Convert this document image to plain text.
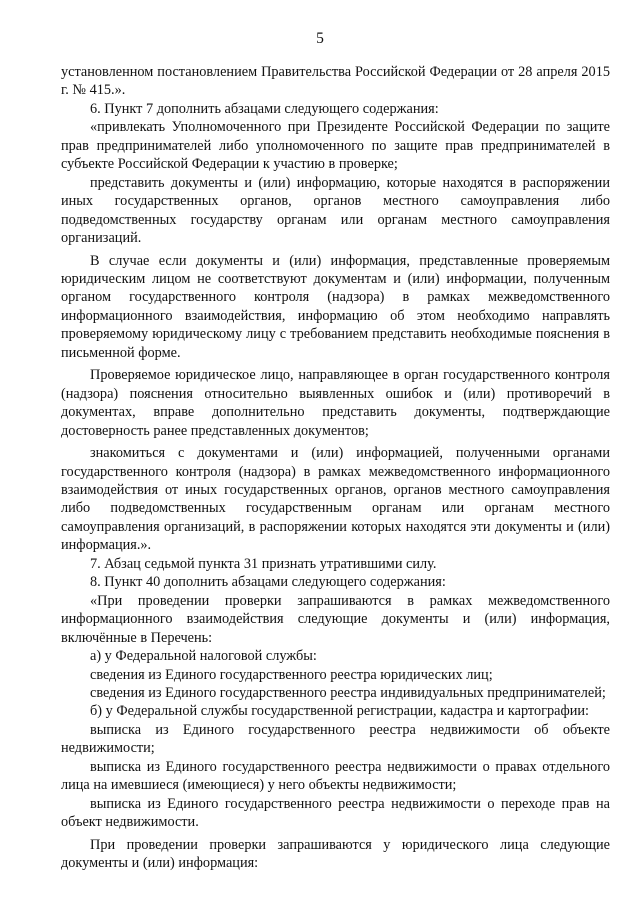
5

установленном постановлением Правительства Российской Федерации от 28 апреля 2015 г. № 415.».

6. Пункт 7 дополнить абзацами следующего содержания:

«привлекать Уполномоченного при Президенте Российской Федерации по защите прав предпринимателей либо уполномоченного по защите прав предпринимателей в субъекте Российской Федерации к участию в проверке;

представить документы и (или) информацию, которые находятся в распоряжении иных государственных органов, органов местного самоуправления либо подведомственных государству органам или органам местного самоуправления организаций.

В случае если документы и (или) информация, представленные проверяемым юридическим лицом не соответствуют документам и (или) информации, полученным органом государственного контроля (надзора) в рамках межведомственного информационного взаимодействия, информацию об этом необходимо направлять проверяемому юридическому лицу с требованием представить необходимые пояснения в письменной форме.

Проверяемое юридическое лицо, направляющее в орган государственного контроля (надзора) пояснения относительно выявленных ошибок и (или) противоречий в документах, вправе дополнительно представить документы, подтверждающие достоверность ранее представленных документов;

знакомиться с документами и (или) информацией, полученными органами государственного контроля (надзора) в рамках межведомственного информационного взаимодействия от иных государственных органов, органов местного самоуправления либо подведомственных государственным органам или органам местного самоуправления организаций, в распоряжении которых находятся эти документы и (или) информация.».

7. Абзац седьмой пункта 31 признать утратившими силу.

8. Пункт 40 дополнить абзацами следующего содержания:

«При проведении проверки запрашиваются в рамках межведомственного информационного взаимодействия следующие документы и (или) информация, включённые в Перечень:

а) у Федеральной налоговой службы:

сведения из Единого государственного реестра юридических лиц;

сведения из Единого государственного реестра индивидуальных предпринимателей;

б) у Федеральной службы государственной регистрации, кадастра и картографии:

выписка из Единого государственного реестра недвижимости об объекте недвижимости;

выписка из Единого государственного реестра недвижимости о правах отдельного лица на имевшиеся (имеющиеся) у него объекты недвижимости;

выписка из Единого государственного реестра недвижимости о переходе прав на объект недвижимости.

При проведении проверки запрашиваются у юридического лица следующие документы и (или) информация:
